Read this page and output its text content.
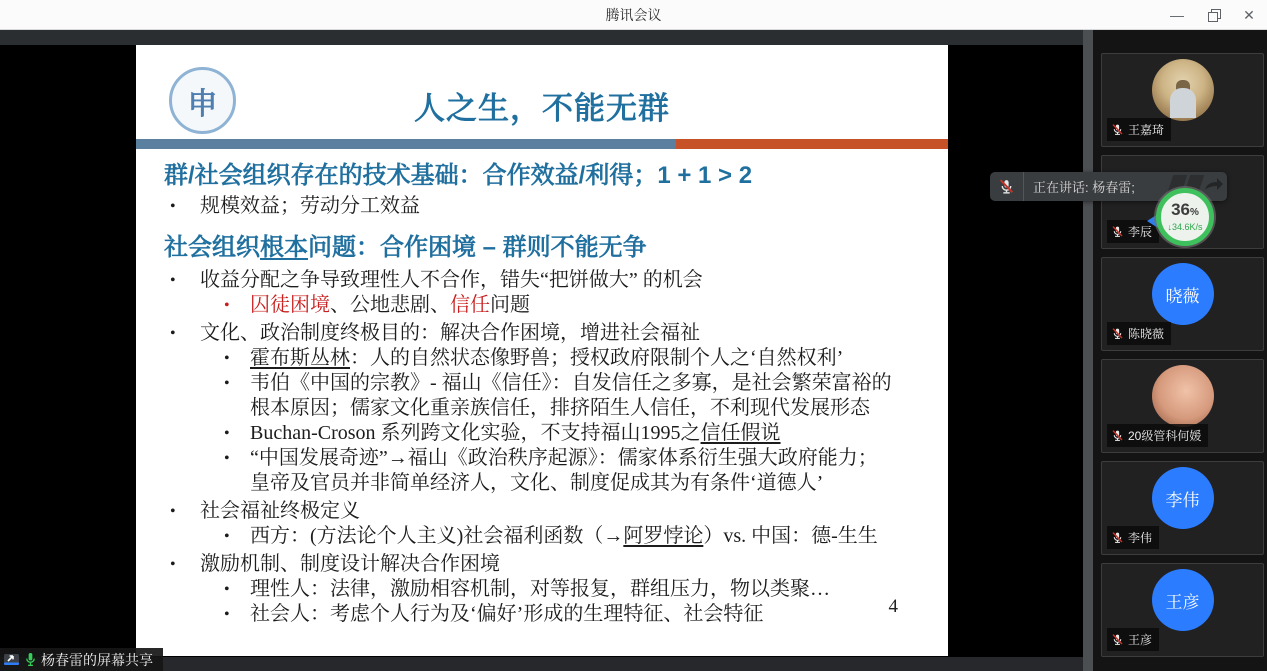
腾讯会议	—	✕
申	人之生，不能无群
群/社会组织存在的技术基础：合作效益/利得；1 + 1 > 2
•	规模效益；劳动分工效益
社会组织根本问题：合作困境 – 群则不能无争
•	收益分配之争导致理性人不合作，错失“把饼做大” 的机会
•	囚徒困境、公地悲剧、信任问题
•	文化、政治制度终极目的：解决合作困境，增进社会福祉
•	霍布斯丛林：人的自然状态像野兽；授权政府限制个人之‘自然权利’
•	韦伯《中国的宗教》- 福山《信任》：自发信任之多寡，是社会繁荣富裕的
根本原因；儒家文化重亲族信任，排挤陌生人信任，不利现代发展形态
•	Buchan-Croson 系列跨文化实验，不支持福山1995之信任假说
•	“中国发展奇迹”→福山《政治秩序起源》：儒家体系衍生强大政府能力；
皇帝及官员并非简单经济人，文化、制度促成其为有条件‘道德人’
•	社会福祉终极定义
•	西方：(方法论个人主义)社会福利函数（→阿罗悖论）vs. 中国：德-生生
•	激励机制、制度设计解决合作困境
•	理性人：法律，激励相容机制，对等报复，群组压力，物以类聚…
•	社会人：考虑个人行为及‘偏好’形成的生理特征、社会特征	4
杨春雷的屏幕共享
王嘉琦
李辰
晓薇
陈晓薇
20级管科何媛
李伟
李伟
王彦
王彦
正在讲话: 杨春雷;
36%
↓34.6K/s
